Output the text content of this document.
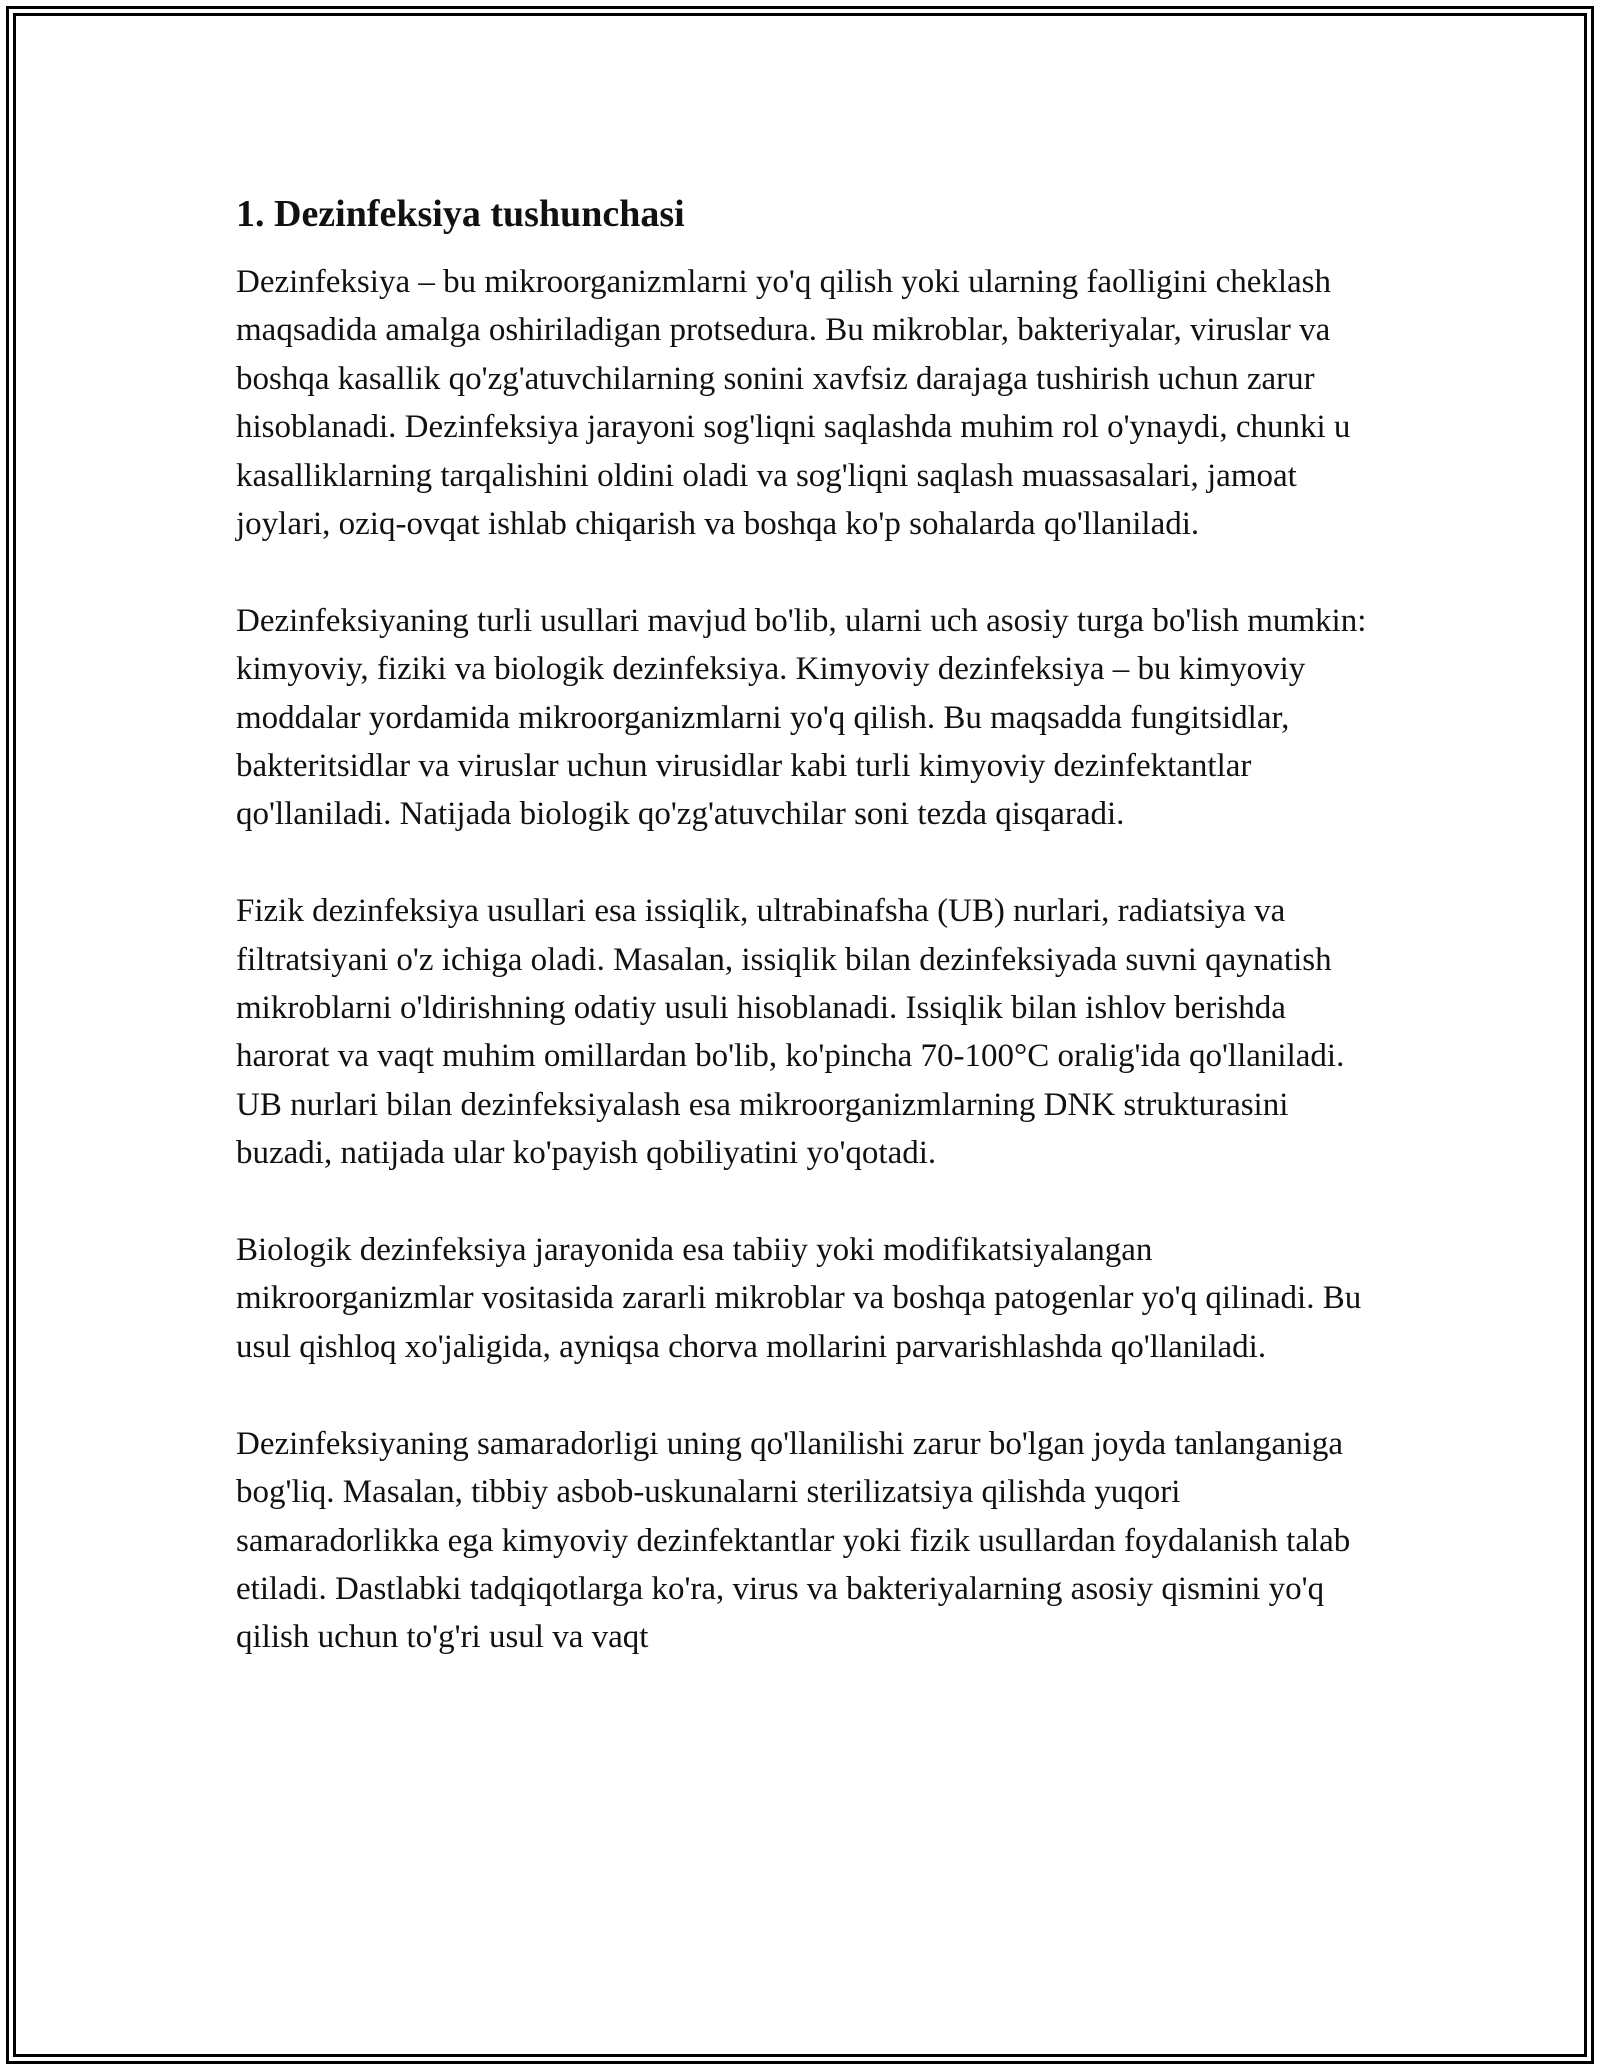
1. Dezinfeksiya tushunchasi

Dezinfeksiya – bu mikroorganizmlarni yo'q qilish yoki ularning faolligini cheklash maqsadida amalga oshiriladigan protsedura. Bu mikroblar, bakteriyalar, viruslar va boshqa kasallik qo'zg'atuvchilarning sonini xavfsiz darajaga tushirish uchun zarur hisoblanadi. Dezinfeksiya jarayoni sog'liqni saqlashda muhim rol o'ynaydi, chunki u kasalliklarning tarqalishini oldini oladi va sog'liqni saqlash muassasalari, jamoat joylari, oziq-ovqat ishlab chiqarish va boshqa ko'p sohalarda qo'llaniladi.

Dezinfeksiyaning turli usullari mavjud bo'lib, ularni uch asosiy turga bo'lish mumkin: kimyoviy, fiziki va biologik dezinfeksiya. Kimyoviy dezinfeksiya – bu kimyoviy moddalar yordamida mikroorganizmlarni yo'q qilish. Bu maqsadda fungitsidlar, bakteritsidlar va viruslar uchun virusidlar kabi turli kimyoviy dezinfektantlar qo'llaniladi. Natijada biologik qo'zg'atuvchilar soni tezda qisqaradi.

Fizik dezinfeksiya usullari esa issiqlik, ultrabinafsha (UB) nurlari, radiatsiya va filtratsiyani o'z ichiga oladi. Masalan, issiqlik bilan dezinfeksiyada suvni qaynatish mikroblarni o'ldirishning odatiy usuli hisoblanadi. Issiqlik bilan ishlov berishda harorat va vaqt muhim omillardan bo'lib, ko'pincha 70-100°C oralig'ida qo'llaniladi. UB nurlari bilan dezinfeksiyalash esa mikroorganizmlarning DNK strukturasini buzadi, natijada ular ko'payish qobiliyatini yo'qotadi.

Biologik dezinfeksiya jarayonida esa tabiiy yoki modifikatsiyalangan mikroorganizmlar vositasida zararli mikroblar va boshqa patogenlar yo'q qilinadi. Bu usul qishloq xo'jaligida, ayniqsa chorva mollarini parvarishlashda qo'llaniladi.

Dezinfeksiyaning samaradorligi uning qo'llanilishi zarur bo'lgan joyda tanlanganiga bog'liq. Masalan, tibbiy asbob-uskunalarni sterilizatsiya qilishda yuqori samaradorlikka ega kimyoviy dezinfektantlar yoki fizik usullardan foydalanish talab etiladi. Dastlabki tadqiqotlarga ko'ra, virus va bakteriyalarning asosiy qismini yo'q qilish uchun to'g'ri usul va vaqt
